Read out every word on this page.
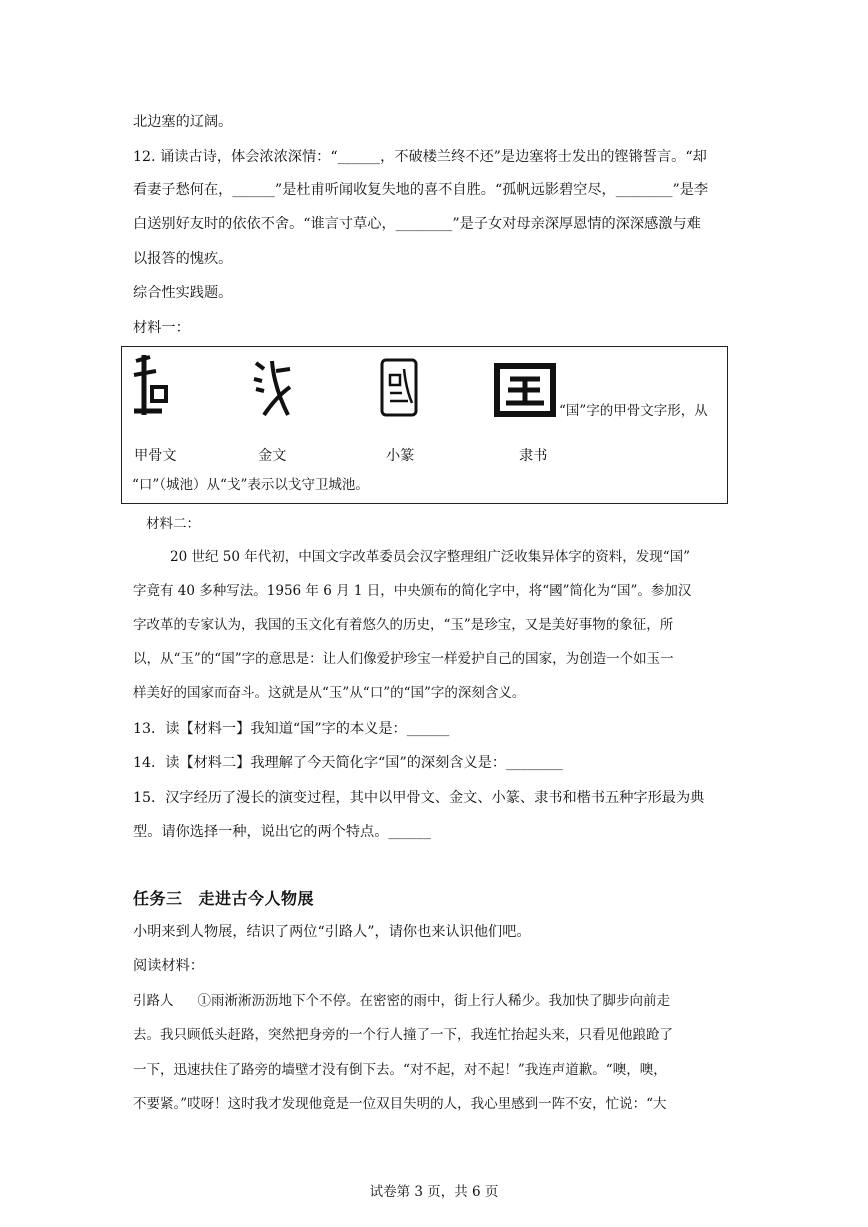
北边塞的辽阔。
12. 诵读古诗，体会浓浓深情：“______，不破楼兰终不还”是边塞将士发出的铿锵誓言。“却
看妻子愁何在，______”是杜甫听闻收复失地的喜不自胜。“孤帆远影碧空尽，________”是李
白送别好友时的依依不舍。“谁言寸草心，________”是子女对母亲深厚恩情的深深感激与难
以报答的愧疚。
综合性实践题。
材料一：
“国”字的甲骨文字形，从
甲骨文	金文	小篆	隶书
“口”（城池）从“戈”表示以戈守卫城池。
材料二：
20 世纪 50 年代初，中国文字改革委员会汉字整理组广泛收集异体字的资料，发现“国”
字竟有 40 多种写法。1956 年 6 月 1 日，中央颁布的简化字中，将“國”简化为“国”。参加汉
字改革的专家认为，我国的玉文化有着悠久的历史，“玉”是珍宝，又是美好事物的象征，所
以，从“玉”的“国”字的意思是：让人们像爱护珍宝一样爱护自己的国家，为创造一个如玉一
样美好的国家而奋斗。这就是从“玉”从“口”的“国”字的深刻含义。
13．读【材料一】我知道“国”字的本义是：______
14．读【材料二】我理解了今天简化字“国”的深刻含义是：________
15．汉字经历了漫长的演变过程，其中以甲骨文、金文、小篆、隶书和楷书五种字形最为典
型。请你选择一种，说出它的两个特点。______
任务三 走进古今人物展
小明来到人物展，结识了两位“引路人”，请你也来认识他们吧。
阅读材料：
引路人 ①雨淅淅沥沥地下个不停。在密密的雨中，街上行人稀少。我加快了脚步向前走
去。我只顾低头赶路，突然把身旁的一个行人撞了一下，我连忙抬起头来，只看见他踉跄了
一下，迅速扶住了路旁的墙壁才没有倒下去。“对不起，对不起！”我连声道歉。“噢，噢，
不要紧。”哎呀！这时我才发现他竟是一位双目失明的人，我心里感到一阵不安，忙说：“大
试卷第 3 页，共 6 页
